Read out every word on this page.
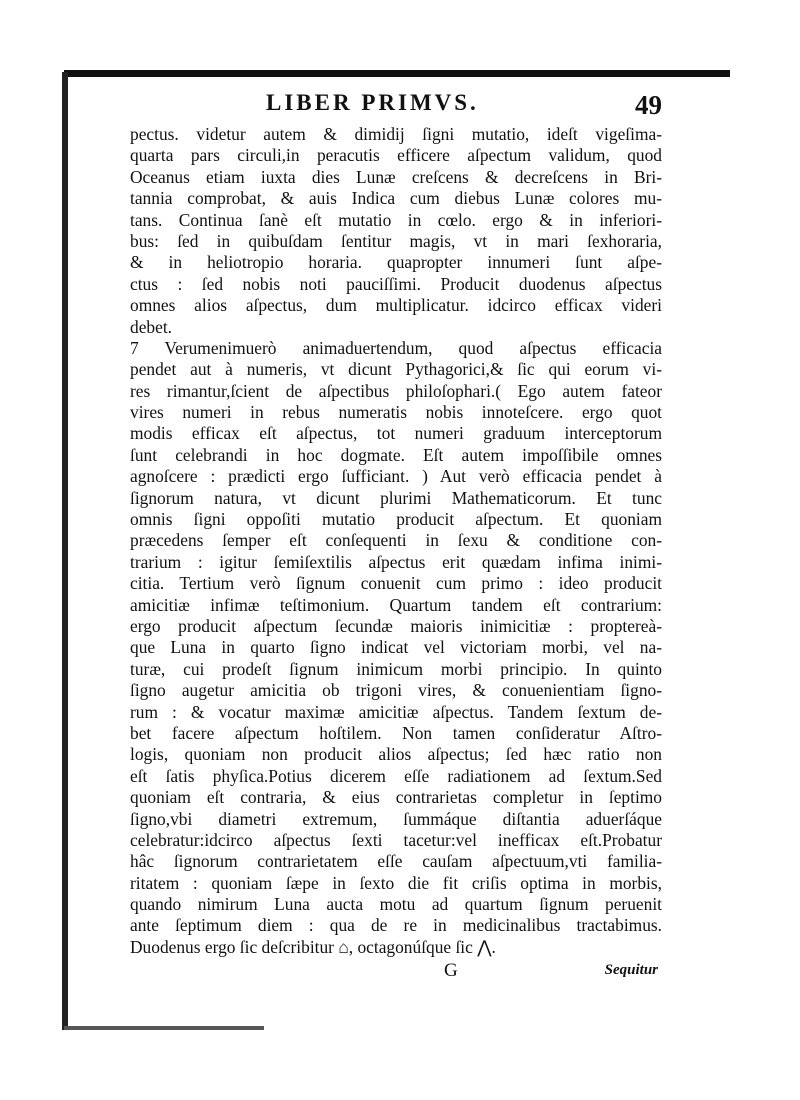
LIBER PRIMVS.	49
pectus. videtur autem & dimidij ſigni mutatio, ideſt vigeſima-
quarta pars circuli,in peracutis efficere aſpectum validum, quod
Oceanus etiam iuxta dies Lunæ creſcens & decreſcens in Bri-
tannia comprobat, & auis Indica cum diebus Lunæ colores mu-
tans. Continua ſanè eſt mutatio in cœlo. ergo & in inferiori-
bus: ſed in quibuſdam ſentitur magis, vt in mari ſexhoraria,
& in heliotropio horaria. quapropter innumeri ſunt aſpe-
ctus : ſed nobis noti pauciſſimi. Producit duodenus aſpectus
omnes alios aſpectus, dum multiplicatur. idcirco efficax videri
debet.
7 Verumenimuerò animaduertendum, quod aſpectus efficacia
pendet aut à numeris, vt dicunt Pythagorici,& ſic qui eorum vi-
res rimantur,ſcient de aſpectibus philoſophari.( Ego autem fateor
vires numeri in rebus numeratis nobis innoteſcere. ergo quot
modis efficax eſt aſpectus, tot numeri graduum interceptorum
ſunt celebrandi in hoc dogmate. Eſt autem impoſſibile omnes
agnoſcere : prædicti ergo ſufficiant. ) Aut verò efficacia pendet à
ſignorum natura, vt dicunt plurimi Mathematicorum. Et tunc
omnis ſigni oppoſiti mutatio producit aſpectum. Et quoniam
præcedens ſemper eſt conſequenti in ſexu & conditione con-
trarium : igitur ſemiſextilis aſpectus erit quædam infima inimi-
citia. Tertium verò ſignum conuenit cum primo : ideo producit
amicitiæ infimæ teſtimonium. Quartum tandem eſt contrarium:
ergo producit aſpectum ſecundæ maioris inimicitiæ : proptereà-
que Luna in quarto ſigno indicat vel victoriam morbi, vel na-
turæ, cui prodeſt ſignum inimicum morbi principio. In quinto
ſigno augetur amicitia ob trigoni vires, & conuenientiam ſigno-
rum : & vocatur maximæ amicitiæ aſpectus. Tandem ſextum de-
bet facere aſpectum hoſtilem. Non tamen conſideratur Aſtro-
logis, quoniam non producit alios aſpectus; ſed hæc ratio non
eſt ſatis phyſica.Potius dicerem eſſe radiationem ad ſextum.Sed
quoniam eſt contraria, & eius contrarietas completur in ſeptimo
ſigno,vbi diametri extremum, ſummáque diſtantia aduerſáque
celebratur:idcirco aſpectus ſexti tacetur:vel inefficax eſt.Probatur
hâc ſignorum contrarietatem eſſe cauſam aſpectuum,vti familia-
ritatem : quoniam ſæpe in ſexto die fit criſis optima in morbis,
quando nimirum Luna aucta motu ad quartum ſignum peruenit
ante ſeptimum diem : qua de re in medicinalibus tractabimus.
Duodenus ergo ſic deſcribitur ⌂, octagonúſque ſic ⋀.
G	Sequitur
